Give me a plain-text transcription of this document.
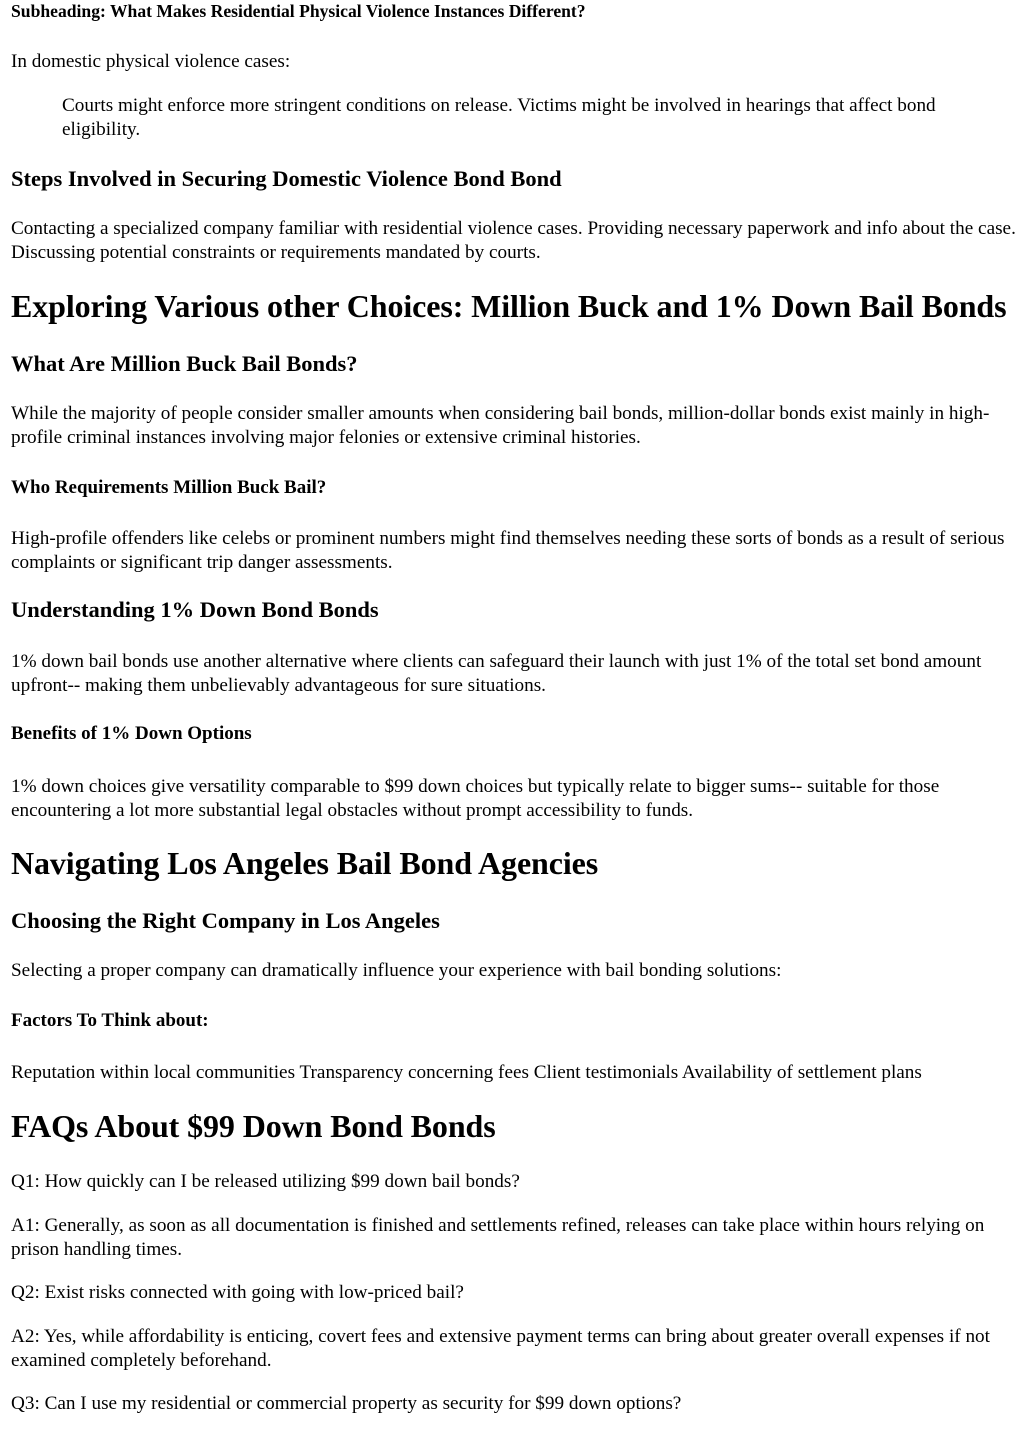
Subheading: What Makes Residential Physical Violence Instances Different?

In domestic physical violence cases:

Courts might enforce more stringent conditions on release. Victims might be involved in hearings that affect bond eligibility.
Steps Involved in Securing Domestic Violence Bond Bond

Contacting a specialized company familiar with residential violence cases. Providing necessary paperwork and info about the case. Discussing potential constraints or requirements mandated by courts.

Exploring Various other Choices: Million Buck and 1% Down Bail Bonds
What Are Million Buck Bail Bonds?

While the majority of people consider smaller amounts when considering bail bonds, million-dollar bonds exist mainly in high-profile criminal instances involving major felonies or extensive criminal histories.

Who Requirements Million Buck Bail?

High-profile offenders like celebs or prominent numbers might find themselves needing these sorts of bonds as a result of serious complaints or significant trip danger assessments.

Understanding 1% Down Bond Bonds

1% down bail bonds use another alternative where clients can safeguard their launch with just 1% of the total set bond amount upfront-- making them unbelievably advantageous for sure situations.

Benefits of 1% Down Options

1% down choices give versatility comparable to $99 down choices but typically relate to bigger sums-- suitable for those encountering a lot more substantial legal obstacles without prompt accessibility to funds.

Navigating Los Angeles Bail Bond Agencies
Choosing the Right Company in Los Angeles

Selecting a proper company can dramatically influence your experience with bail bonding solutions:

Factors To Think about:

Reputation within local communities Transparency concerning fees Client testimonials Availability of settlement plans

FAQs About $99 Down Bond Bonds

Q1: How quickly can I be released utilizing $99 down bail bonds?

A1: Generally, as soon as all documentation is finished and settlements refined, releases can take place within hours relying on prison handling times.

Q2: Exist risks connected with going with low-priced bail?

A2: Yes, while affordability is enticing, covert fees and extensive payment terms can bring about greater overall expenses if not examined completely beforehand.

Q3: Can I use my residential or commercial property as security for $99 down options?
